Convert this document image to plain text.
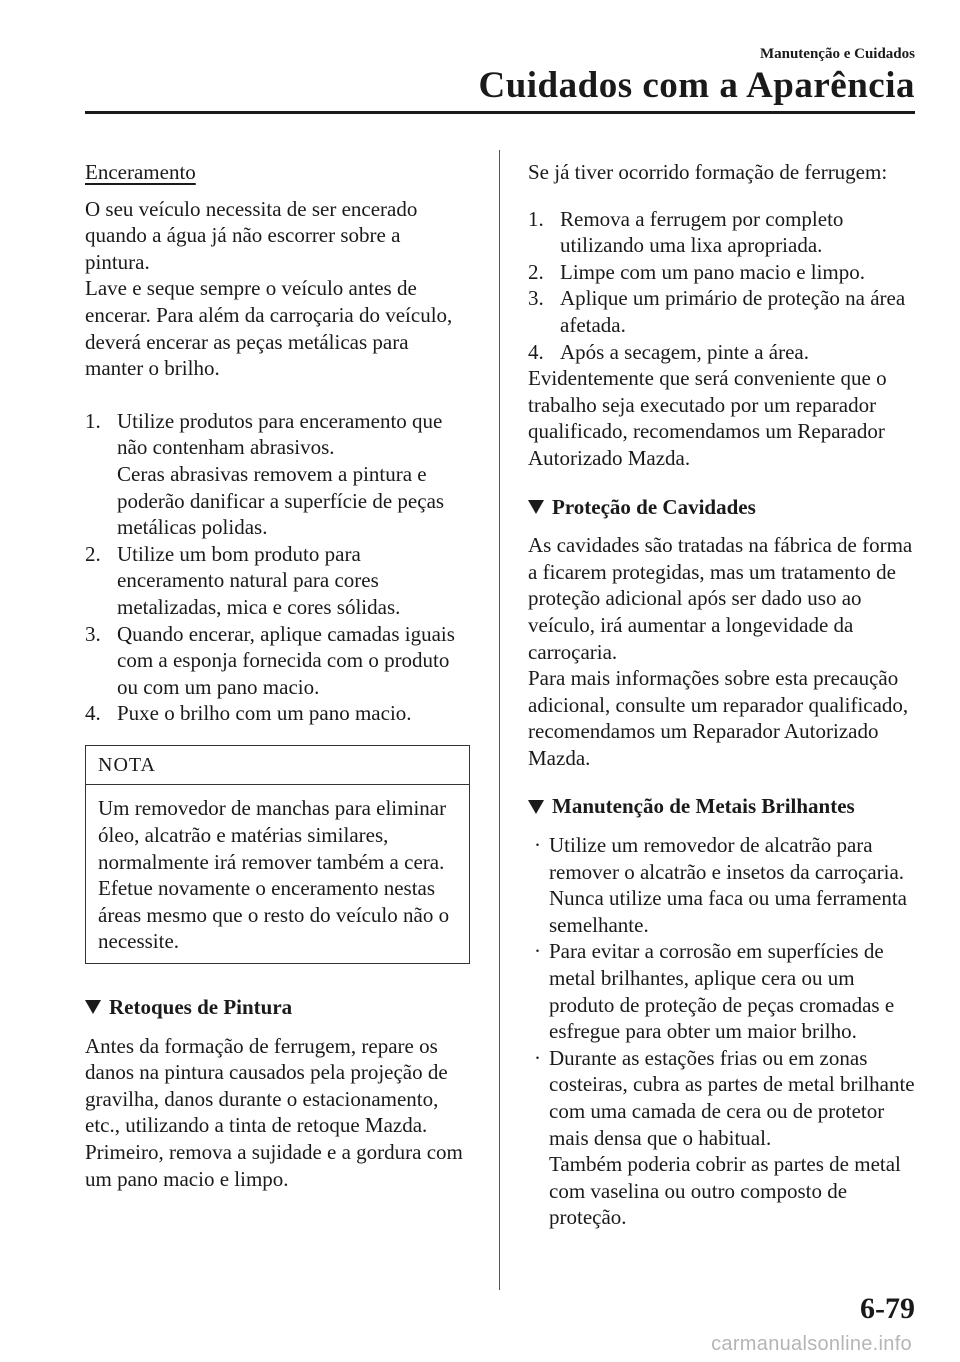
Manutenção e Cuidados
Cuidados com a Aparência

Enceramento

O seu veículo necessita de ser encerado quando a água já não escorrer sobre a pintura.

Lave e seque sempre o veículo antes de encerar. Para além da carroçaria do veículo, deverá encerar as peças metálicas para manter o brilho.

1. Utilize produtos para enceramento que não contenham abrasivos.
Ceras abrasivas removem a pintura e poderão danificar a superfície de peças metálicas polidas.
2. Utilize um bom produto para enceramento natural para cores metalizadas, mica e cores sólidas.
3. Quando encerar, aplique camadas iguais com a esponja fornecida com o produto ou com um pano macio.
4. Puxe o brilho com um pano macio.
NOTA
Um removedor de manchas para eliminar óleo, alcatrão e matérias similares, normalmente irá remover também a cera. Efetue novamente o enceramento nestas áreas mesmo que o resto do veículo não o necessite.
Retoques de Pintura

Antes da formação de ferrugem, repare os danos na pintura causados pela projeção de gravilha, danos durante o estacionamento, etc., utilizando a tinta de retoque Mazda. Primeiro, remova a sujidade e a gordura com um pano macio e limpo.

Se já tiver ocorrido formação de ferrugem:

1. Remova a ferrugem por completo utilizando uma lixa apropriada.
2. Limpe com um pano macio e limpo.
3. Aplique um primário de proteção na área afetada.
4. Após a secagem, pinte a área.

Evidentemente que será conveniente que o trabalho seja executado por um reparador qualificado, recomendamos um Reparador Autorizado Mazda.

Proteção de Cavidades

As cavidades são tratadas na fábrica de forma a ficarem protegidas, mas um tratamento de proteção adicional após ser dado uso ao veículo, irá aumentar a longevidade da carroçaria.

Para mais informações sobre esta precaução adicional, consulte um reparador qualificado, recomendamos um Reparador Autorizado Mazda.

Manutenção de Metais Brilhantes
· Utilize um removedor de alcatrão para remover o alcatrão e insetos da carroçaria. Nunca utilize uma faca ou uma ferramenta semelhante.
· Para evitar a corrosão em superfícies de metal brilhantes, aplique cera ou um produto de proteção de peças cromadas e esfregue para obter um maior brilho.
· Durante as estações frias ou em zonas costeiras, cubra as partes de metal brilhante com uma camada de cera ou de protetor mais densa que o habitual.
Também poderia cobrir as partes de metal com vaselina ou outro composto de proteção.
6-79
carmanualsonline.info
